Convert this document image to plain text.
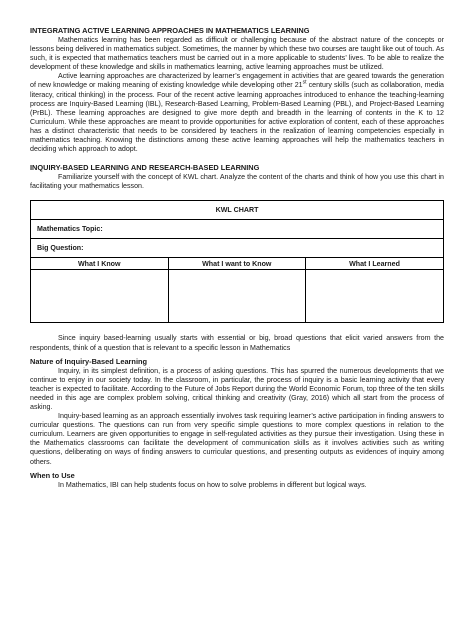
INTEGRATING ACTIVE LEARNING APPROACHES IN MATHEMATICS LEARNING

Mathematics learning has been regarded as difficult or challenging because of the abstract nature of the concepts or lessons being delivered in mathematics subject. Sometimes, the manner by which these two courses are taught like out of touch. As such, it is expected that mathematics teachers must be carried out in a more applicable to students’ lives. To be able to realize the development of these knowledge and skills in mathematics learning, active learning approaches must be utilized.

Active learning approaches are characterized by learner’s engagement in activities that are geared towards the generation of new knowledge or making meaning of existing knowledge while developing other 21st century skills (such as collaboration, media literacy, critical thinking) in the process. Four of the recent active learning approaches introduced to enhance the teaching-learning process are Inquiry-Based Learning (IBL), Research-Based Learning, Problem-Based Learning (PBL), and Project-Based Learning (PrBL). These learning approaches are designed to give more depth and breadth in the learning of contents in the K to 12 Curriculum. While these approaches are meant to provide opportunities for active exploration of content, each of these approaches has a distinct characteristic that needs to be considered by teachers in the realization of learning competencies especially in mathematics teaching. Knowing the distinctions among these active learning approaches will help the mathematics teachers in deciding which approach to adopt.

INQUIRY-BASED LEARNING AND RESEARCH-BASED LEARNING

Familiarize yourself with the concept of KWL chart. Analyze the content of the charts and think of how you use this chart in facilitating your mathematics lesson.

KWL CHART		
Mathematics Topic:		
Big Question:		
What I Know	What I want to Know	What I Learned

Since inquiry based-learning usually starts with essential or big, broad questions that elicit varied answers from the respondents, think of a question that is relevant to a specific lesson in Mathematics

Nature of Inquiry-Based Learning

Inquiry, in its simplest definition, is a process of asking questions. This has spurred the numerous developments that we continue to enjoy in our society today. In the classroom, in particular, the process of inquiry is a basic learning activity that every teacher is expected to facilitate. According to the Future of Jobs Report during the World Economic Forum, top three of the ten skills needed in this age are complex problem solving, critical thinking and creativity (Gray, 2016) which all start from the process of asking.

Inquiry-based learning as an approach essentially involves task requiring learner’s active participation in finding answers to curricular questions. The questions can run from very specific simple questions to more complex questions in relation to the curriculum. Learners are given opportunities to engage in self-regulated activities as they pursue their investigation. Using these in the Mathematics classrooms can facilitate the development of communication skills as it involves activities such as writing questions, deliberating on ways of finding answers to curricular questions, and presenting outputs as evidences of inquiry among others.

When to Use

In Mathematics, IBI can help students focus on how to solve problems in different but logical ways.
